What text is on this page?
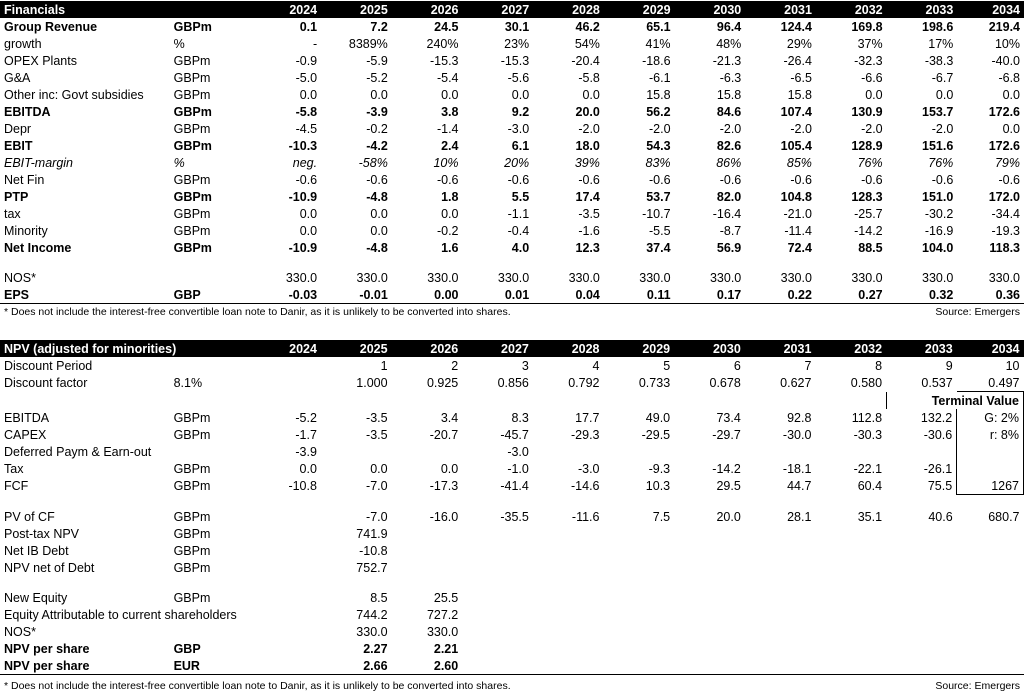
Financials		2024	2025	2026	2027	2028	2029	2030	2031	2032	2033	2034
Group Revenue	GBPm	0.1	7.2	24.5	30.1	46.2	65.1	96.4	124.4	169.8	198.6	219.4
growth	%	-	8389%	240%	23%	54%	41%	48%	29%	37%	17%	10%
OPEX Plants	GBPm	-0.9	-5.9	-15.3	-15.3	-20.4	-18.6	-21.3	-26.4	-32.3	-38.3	-40.0
G&A	GBPm	-5.0	-5.2	-5.4	-5.6	-5.8	-6.1	-6.3	-6.5	-6.6	-6.7	-6.8
Other inc: Govt subsidies	GBPm	0.0	0.0	0.0	0.0	0.0	15.8	15.8	15.8	0.0	0.0	0.0
EBITDA	GBPm	-5.8	-3.9	3.8	9.2	20.0	56.2	84.6	107.4	130.9	153.7	172.6
Depr	GBPm	-4.5	-0.2	-1.4	-3.0	-2.0	-2.0	-2.0	-2.0	-2.0	-2.0	0.0
EBIT	GBPm	-10.3	-4.2	2.4	6.1	18.0	54.3	82.6	105.4	128.9	151.6	172.6
EBIT-margin	%	neg.	-58%	10%	20%	39%	83%	86%	85%	76%	76%	79%
Net Fin	GBPm	-0.6	-0.6	-0.6	-0.6	-0.6	-0.6	-0.6	-0.6	-0.6	-0.6	-0.6
PTP	GBPm	-10.9	-4.8	1.8	5.5	17.4	53.7	82.0	104.8	128.3	151.0	172.0
tax	GBPm	0.0	0.0	0.0	-1.1	-3.5	-10.7	-16.4	-21.0	-25.7	-30.2	-34.4
Minority	GBPm	0.0	0.0	-0.2	-0.4	-1.6	-5.5	-8.7	-11.4	-14.2	-16.9	-19.3
Net Income	GBPm	-10.9	-4.8	1.6	4.0	12.3	37.4	56.9	72.4	88.5	104.0	118.3

NOS*		330.0	330.0	330.0	330.0	330.0	330.0	330.0	330.0	330.0	330.0	330.0
EPS	GBP	-0.03	-0.01	0.00	0.01	0.04	0.11	0.17	0.22	0.27	0.32	0.36
* Does not include the interest-free convertible loan note to Danir, as it is unlikely to be converted into shares.	Source: Emergers
NPV (adjusted for minorities)		2024	2025	2026	2027	2028	2029	2030	2031	2032	2033	2034
Discount Period			1	2	3	4	5	6	7	8	9	10
Discount factor	8.1%		1.000	0.925	0.856	0.792	0.733	0.678	0.627	0.580	0.537	0.497
											Terminal Value	
EBITDA	GBPm	-5.2	-3.5	3.4	8.3	17.7	49.0	73.4	92.8	112.8	132.2	G: 2%
CAPEX	GBPm	-1.7	-3.5	-20.7	-45.7	-29.3	-29.5	-29.7	-30.0	-30.3	-30.6	r: 8%
Deferred Paym & Earn-out		-3.9			-3.0							
Tax	GBPm	0.0	0.0	0.0	-1.0	-3.0	-9.3	-14.2	-18.1	-22.1	-26.1	
FCF	GBPm	-10.8	-7.0	-17.3	-41.4	-14.6	10.3	29.5	44.7	60.4	75.5	1267

PV of CF	GBPm		-7.0	-16.0	-35.5	-11.6	7.5	20.0	28.1	35.1	40.6	680.7
Post-tax NPV	GBPm		741.9									
Net IB Debt	GBPm		-10.8									
NPV net of Debt	GBPm		752.7									

New Equity	GBPm		8.5	25.5								
Equity Attributable to current shareholders			744.2	727.2								
NOS*			330.0	330.0								
NPV per share	GBP		2.27	2.21								
NPV per share	EUR		2.66	2.60								
* Does not include the interest-free convertible loan note to Danir, as it is unlikely to be converted into shares.	Source: Emergers
